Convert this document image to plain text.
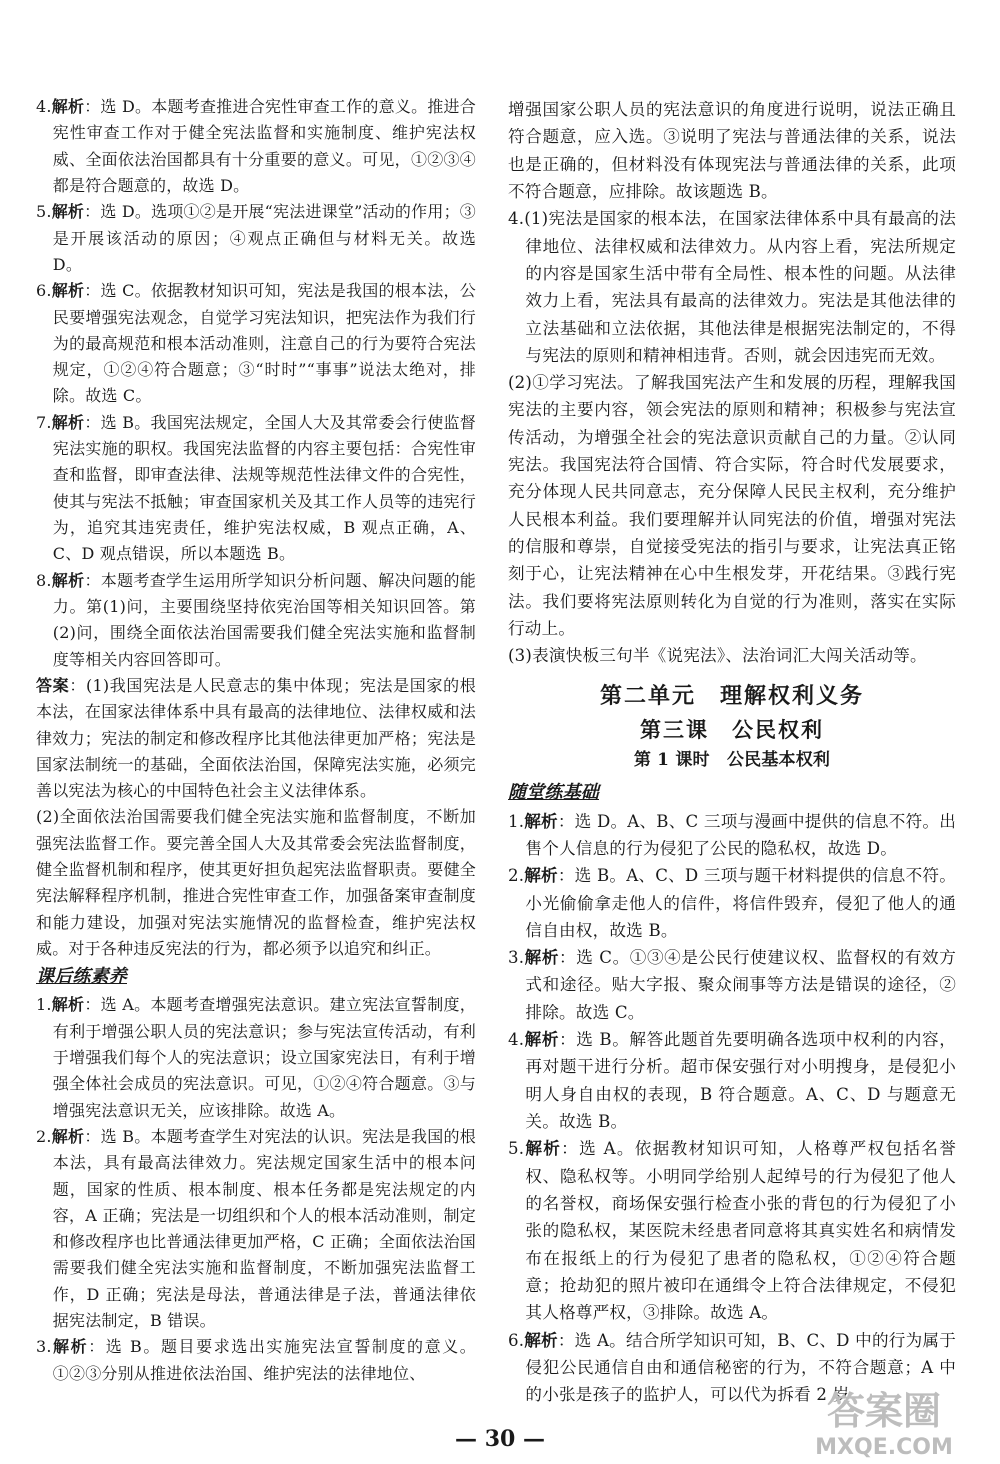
4.解析：选 D。本题考查推进合宪性审查工作的意义。推进合宪性审查工作对于健全宪法监督和实施制度、维护宪法权威、全面依法治国都具有十分重要的意义。可见，①②③④都是符合题意的，故选 D。

5.解析：选 D。选项①②是开展“宪法进课堂”活动的作用；③是开展该活动的原因；④观点正确但与材料无关。故选 D。

6.解析：选 C。依据教材知识可知，宪法是我国的根本法，公民要增强宪法观念，自觉学习宪法知识，把宪法作为我们行为的最高规范和根本活动准则，注意自己的行为要符合宪法规定，①②④符合题意；③“时时”“事事”说法太绝对，排除。故选 C。

7.解析：选 B。我国宪法规定，全国人大及其常委会行使监督宪法实施的职权。我国宪法监督的内容主要包括：合宪性审查和监督，即审查法律、法规等规范性法律文件的合宪性，使其与宪法不抵触；审查国家机关及其工作人员等的违宪行为，追究其违宪责任，维护宪法权威，B 观点正确，A、C、D 观点错误，所以本题选 B。

8.解析：本题考查学生运用所学知识分析问题、解决问题的能力。第(1)问，主要围绕坚持依宪治国等相关知识回答。第(2)问，围绕全面依法治国需要我们健全宪法实施和监督制度等相关内容回答即可。

答案：(1)我国宪法是人民意志的集中体现；宪法是国家的根本法，在国家法律体系中具有最高的法律地位、法律权威和法律效力；宪法的制定和修改程序比其他法律更加严格；宪法是国家法制统一的基础，全面依法治国，保障宪法实施，必须完善以宪法为核心的中国特色社会主义法律体系。

(2)全面依法治国需要我们健全宪法实施和监督制度，不断加强宪法监督工作。要完善全国人大及其常委会宪法监督制度，健全监督机制和程序，使其更好担负起宪法监督职责。要健全宪法解释程序机制，推进合宪性审查工作，加强备案审查制度和能力建设，加强对宪法实施情况的监督检查，维护宪法权威。对于各种违反宪法的行为，都必须予以追究和纠正。

课后练素养

1.解析：选 A。本题考查增强宪法意识。建立宪法宣誓制度，有利于增强公职人员的宪法意识；参与宪法宣传活动，有利于增强我们每个人的宪法意识；设立国家宪法日，有利于增强全体社会成员的宪法意识。可见，①②④符合题意。③与增强宪法意识无关，应该排除。故选 A。

2.解析：选 B。本题考查学生对宪法的认识。宪法是我国的根本法，具有最高法律效力。宪法规定国家生活中的根本问题，国家的性质、根本制度、根本任务都是宪法规定的内容，A 正确；宪法是一切组织和个人的根本活动准则，制定和修改程序也比普通法律更加严格，C 正确；全面依法治国需要我们健全宪法实施和监督制度，不断加强宪法监督工作，D 正确；宪法是母法，普通法律是子法，普通法律依据宪法制定，B 错误。

3.解析：选 B。题目要求选出实施宪法宣誓制度的意义。①②③分别从推进依法治国、维护宪法的法律地位、

增强国家公职人员的宪法意识的角度进行说明，说法正确且符合题意，应入选。③说明了宪法与普通法律的关系，说法也是正确的，但材料没有体现宪法与普通法律的关系，此项不符合题意，应排除。故该题选 B。

4.(1)宪法是国家的根本法，在国家法律体系中具有最高的法律地位、法律权威和法律效力。从内容上看，宪法所规定的内容是国家生活中带有全局性、根本性的问题。从法律效力上看，宪法具有最高的法律效力。宪法是其他法律的立法基础和立法依据，其他法律是根据宪法制定的，不得与宪法的原则和精神相违背。否则，就会因违宪而无效。

(2)①学习宪法。了解我国宪法产生和发展的历程，理解我国宪法的主要内容，领会宪法的原则和精神；积极参与宪法宣传活动，为增强全社会的宪法意识贡献自己的力量。②认同宪法。我国宪法符合国情、符合实际，符合时代发展要求，充分体现人民共同意志，充分保障人民民主权利，充分维护人民根本利益。我们要理解并认同宪法的价值，增强对宪法的信服和尊崇，自觉接受宪法的指引与要求，让宪法真正铭刻于心，让宪法精神在心中生根发芽，开花结果。③践行宪法。我们要将宪法原则转化为自觉的行为准则，落实在实际行动上。

(3)表演快板三句半《说宪法》、法治词汇大闯关活动等。

第二单元　理解权利义务

第三课　公民权利

第 1 课时　公民基本权利

随堂练基础

1.解析：选 D。A、B、C 三项与漫画中提供的信息不符。出售个人信息的行为侵犯了公民的隐私权，故选 D。

2.解析：选 B。A、C、D 三项与题干材料提供的信息不符。小光偷偷拿走他人的信件，将信件毁弃，侵犯了他人的通信自由权，故选 B。

3.解析：选 C。①③④是公民行使建议权、监督权的有效方式和途径。贴大字报、聚众闹事等方法是错误的途径，②排除。故选 C。

4.解析：选 B。解答此题首先要明确各选项中权利的内容，再对题干进行分析。超市保安强行对小明搜身，是侵犯小明人身自由权的表现，B 符合题意。A、C、D 与题意无关。故选 B。

5.解析：选 A。依据教材知识可知，人格尊严权包括名誉权、隐私权等。小明同学给别人起绰号的行为侵犯了他人的名誉权，商场保安强行检查小张的背包的行为侵犯了小张的隐私权，某医院未经患者同意将其真实姓名和病情发布在报纸上的行为侵犯了患者的隐私权，①②④符合题意；抢劫犯的照片被印在通缉令上符合法律规定，不侵犯其人格尊严权，③排除。故选 A。

6.解析：选 A。结合所学知识可知，B、C、D 中的行为属于侵犯公民通信自由和通信秘密的行为，不符合题意；A 中的小张是孩子的监护人，可以代为拆看 2 岁

— 30 —
答案圈
MXQE.COM
